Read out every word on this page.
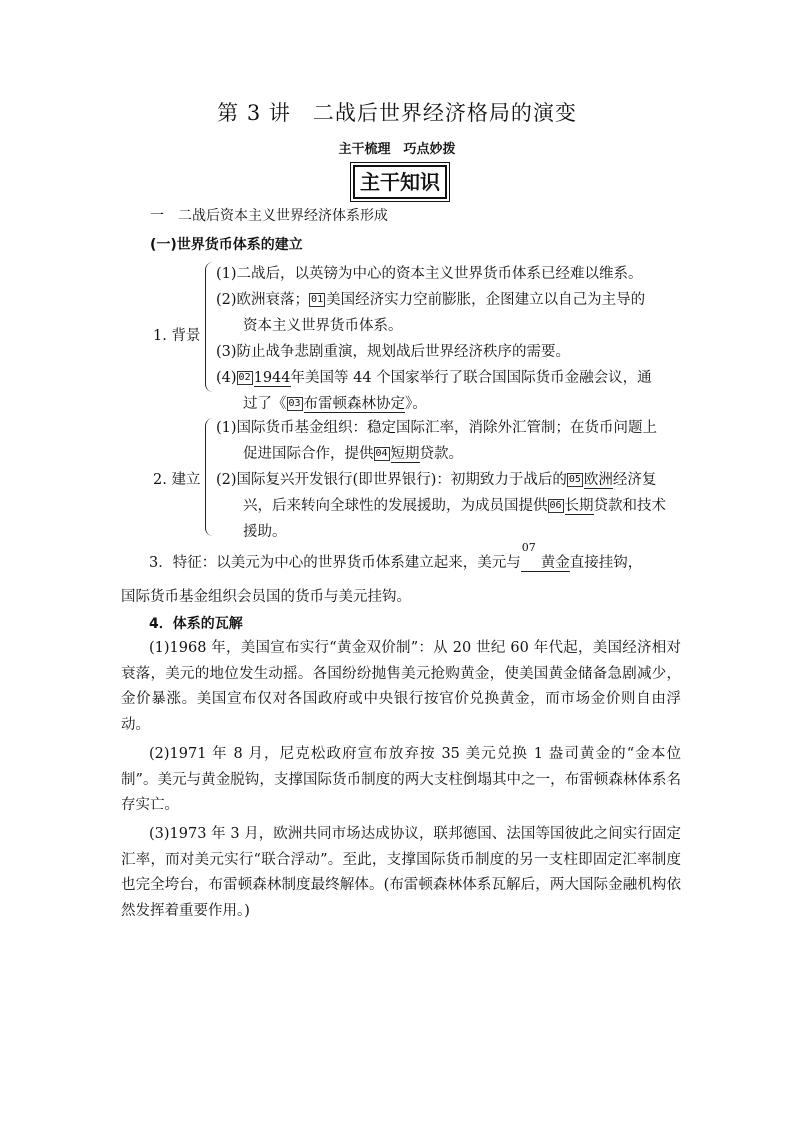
第 3 讲　二战后世界经济格局的演变
主干梳理　巧点妙拨
主干知识
一　二战后资本主义世界经济体系形成
(一)世界货币体系的建立
1. 背景
(1)二战后，以英镑为中心的资本主义世界货币体系已经难以维系。
(2)欧洲衰落； 01 美国经济实力空前膨胀，企图建立以自己为主导的
资本主义世界货币体系。
(3)防止战争悲剧重演，规划战后世界经济秩序的需要。
(4) 02 1944年美国等 44 个国家举行了联合国国际货币金融会议，通
过了《 03 布雷顿森林协定》。
2. 建立
(1)国际货币基金组织：稳定国际汇率，消除外汇管制；在货币问题上
促进国际合作，提供 04 短期贷款。
(2)国际复兴开发银行(即世界银行)：初期致力于战后的 05 欧洲经济复
兴，后来转向全球性的发展援助，为成员国提供 06 长期贷款和技术
援助。
3．特征：以美元为中心的世界货币体系建立起来，美元与
07
黄金直接挂钩，
国际货币基金组织会员国的货币与美元挂钩。
4．体系的瓦解
(1)1968 年，美国宣布实行“黄金双价制”：从 20 世纪 60 年代起，美国经济相对衰落，美元的地位发生动摇。各国纷纷抛售美元抢购黄金，使美国黄金储备急剧减少，金价暴涨。美国宣布仅对各国政府或中央银行按官价兑换黄金，而市场金价则自由浮动。
(2)1971 年 8 月，尼克松政府宣布放弃按 35 美元兑换 1 盎司黄金的“金本位制”。美元与黄金脱钩，支撑国际货币制度的两大支柱倒塌其中之一，布雷顿森林体系名存实亡。
(3)1973 年 3 月，欧洲共同市场达成协议，联邦德国、法国等国彼此之间实行固定汇率，而对美元实行“联合浮动”。至此，支撑国际货币制度的另一支柱即固定汇率制度也完全垮台，布雷顿森林制度最终解体。(布雷顿森林体系瓦解后，两大国际金融机构依然发挥着重要作用。)
